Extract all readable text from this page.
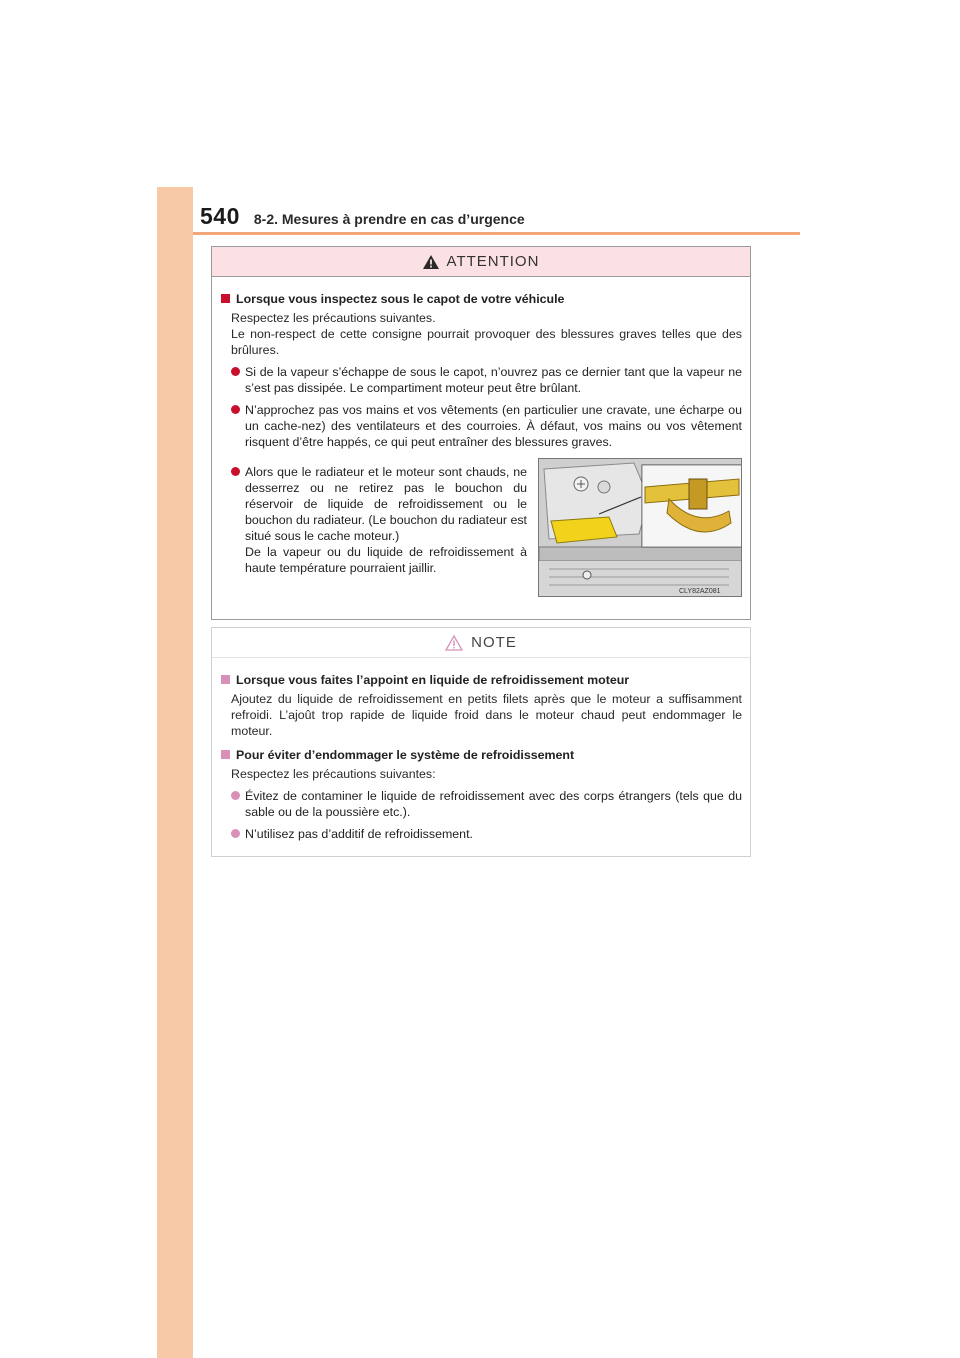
540 8-2. Mesures à prendre en cas d’urgence
ATTENTION
Lorsque vous inspectez sous le capot de votre véhicule
Respectez les précautions suivantes.
Le non-respect de cette consigne pourrait provoquer des blessures graves telles que des brûlures.
Si de la vapeur s’échappe de sous le capot, n’ouvrez pas ce dernier tant que la vapeur ne s’est pas dissipée. Le compartiment moteur peut être brûlant.
N’approchez pas vos mains et vos vêtements (en particulier une cravate, une écharpe ou un cache-nez) des ventilateurs et des courroies. À défaut, vos mains ou vos vêtement risquent d’être happés, ce qui peut entraîner des blessures graves.
Alors que le radiateur et le moteur sont chauds, ne desserrez ou ne retirez pas le bouchon du réservoir de liquide de refroidissement ou le bouchon du radiateur. (Le bouchon du radiateur est situé sous le cache moteur.)
De la vapeur ou du liquide de refroidissement à haute température pourraient jaillir.
CLY82AZ081
NOTE
Lorsque vous faites l’appoint en liquide de refroidissement moteur
Ajoutez du liquide de refroidissement en petits filets après que le moteur a suffisamment refroidi. L’ajoût trop rapide de liquide froid dans le moteur chaud peut endommager le moteur.
Pour éviter d’endommager le système de refroidissement
Respectez les précautions suivantes:
Évitez de contaminer le liquide de refroidissement avec des corps étrangers (tels que du sable ou de la poussière etc.).
N’utilisez pas d’additif de refroidissement.
